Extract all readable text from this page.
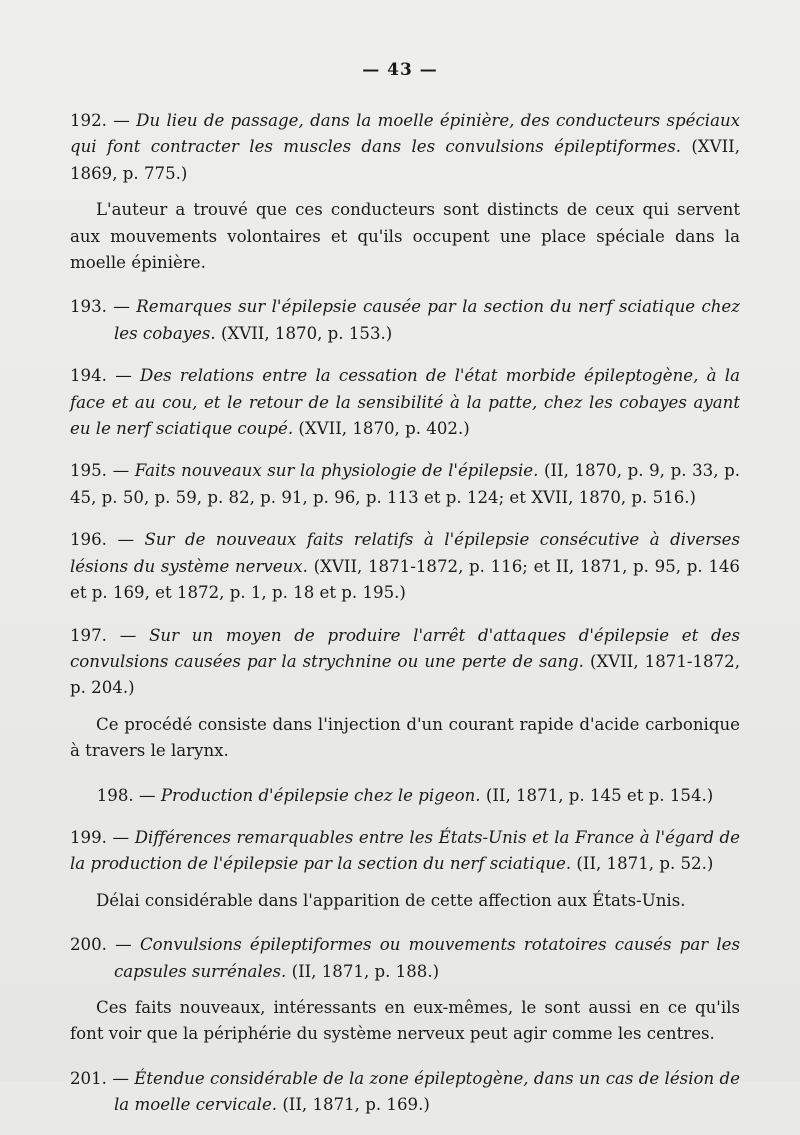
— 43 —

192. — Du lieu de passage, dans la moelle épinière, des conducteurs spéciaux qui font contracter les muscles dans les convulsions épileptiformes. (XVII, 1869, p. 775.)

L'auteur a trouvé que ces conducteurs sont distincts de ceux qui servent aux mouvements volontaires et qu'ils occupent une place spéciale dans la moelle épinière.

193. — Remarques sur l'épilepsie causée par la section du nerf sciatique chez les cobayes. (XVII, 1870, p. 153.)

194. — Des relations entre la cessation de l'état morbide épileptogène, à la face et au cou, et le retour de la sensibilité à la patte, chez les cobayes ayant eu le nerf sciatique coupé. (XVII, 1870, p. 402.)

195. — Faits nouveaux sur la physiologie de l'épilepsie. (II, 1870, p. 9, p. 33, p. 45, p. 50, p. 59, p. 82, p. 91, p. 96, p. 113 et p. 124; et XVII, 1870, p. 516.)

196. — Sur de nouveaux faits relatifs à l'épilepsie consécutive à diverses lésions du système nerveux. (XVII, 1871-1872, p. 116; et II, 1871, p. 95, p. 146 et p. 169, et 1872, p. 1, p. 18 et p. 195.)

197. — Sur un moyen de produire l'arrêt d'attaques d'épilepsie et des convulsions causées par la strychnine ou une perte de sang. (XVII, 1871-1872, p. 204.)

Ce procédé consiste dans l'injection d'un courant rapide d'acide carbonique à travers le larynx.

198. — Production d'épilepsie chez le pigeon. (II, 1871, p. 145 et p. 154.)

199. — Différences remarquables entre les États-Unis et la France à l'égard de la production de l'épilepsie par la section du nerf sciatique. (II, 1871, p. 52.)

Délai considérable dans l'apparition de cette affection aux États-Unis.

200. — Convulsions épileptiformes ou mouvements rotatoires causés par les capsules surrénales. (II, 1871, p. 188.)

Ces faits nouveaux, intéressants en eux-mêmes, le sont aussi en ce qu'ils font voir que la périphérie du système nerveux peut agir comme les centres.

201. — Étendue considérable de la zone épileptogène, dans un cas de lésion de la moelle cervicale. (II, 1871, p. 169.)
